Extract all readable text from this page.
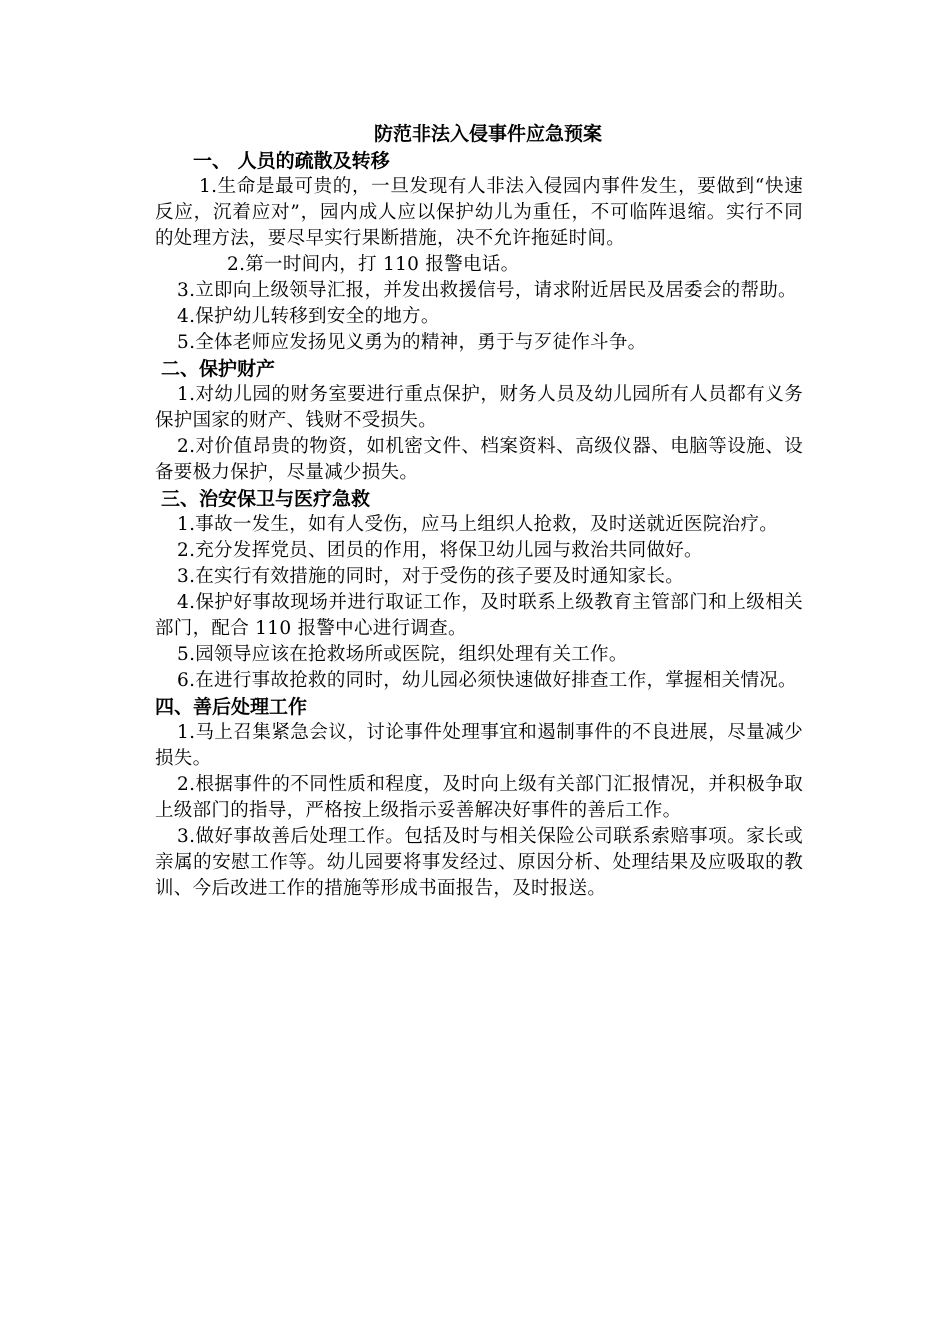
防范非法入侵事件应急预案

一、 人员的疏散及转移

1.生命是最可贵的，一旦发现有人非法入侵园内事件发生，要做到“快速反应，沉着应对”，园内成人应以保护幼儿为重任，不可临阵退缩。实行不同的处理方法，要尽早实行果断措施，决不允许拖延时间。

2.第一时间内，打 110 报警电话。

3.立即向上级领导汇报，并发出救援信号，请求附近居民及居委会的帮助。

4.保护幼儿转移到安全的地方。

5.全体老师应发扬见义勇为的精神，勇于与歹徒作斗争。

二、保护财产

1.对幼儿园的财务室要进行重点保护，财务人员及幼儿园所有人员都有义务保护国家的财产、钱财不受损失。

2.对价值昂贵的物资，如机密文件、档案资料、高级仪器、电脑等设施、设备要极力保护，尽量减少损失。

三、治安保卫与医疗急救

1.事故一发生，如有人受伤，应马上组织人抢救，及时送就近医院治疗。

2.充分发挥党员、团员的作用，将保卫幼儿园与救治共同做好。

3.在实行有效措施的同时，对于受伤的孩子要及时通知家长。

4.保护好事故现场并进行取证工作，及时联系上级教育主管部门和上级相关部门，配合 110 报警中心进行调查。

5.园领导应该在抢救场所或医院，组织处理有关工作。

6.在进行事故抢救的同时，幼儿园必须快速做好排查工作，掌握相关情况。

四、善后处理工作

1.马上召集紧急会议，讨论事件处理事宜和遏制事件的不良进展，尽量减少损失。

2.根据事件的不同性质和程度，及时向上级有关部门汇报情况，并积极争取上级部门的指导，严格按上级指示妥善解决好事件的善后工作。

3.做好事故善后处理工作。包括及时与相关保险公司联系索赔事项。家长或亲属的安慰工作等。幼儿园要将事发经过、原因分析、处理结果及应吸取的教训、今后改进工作的措施等形成书面报告，及时报送。
